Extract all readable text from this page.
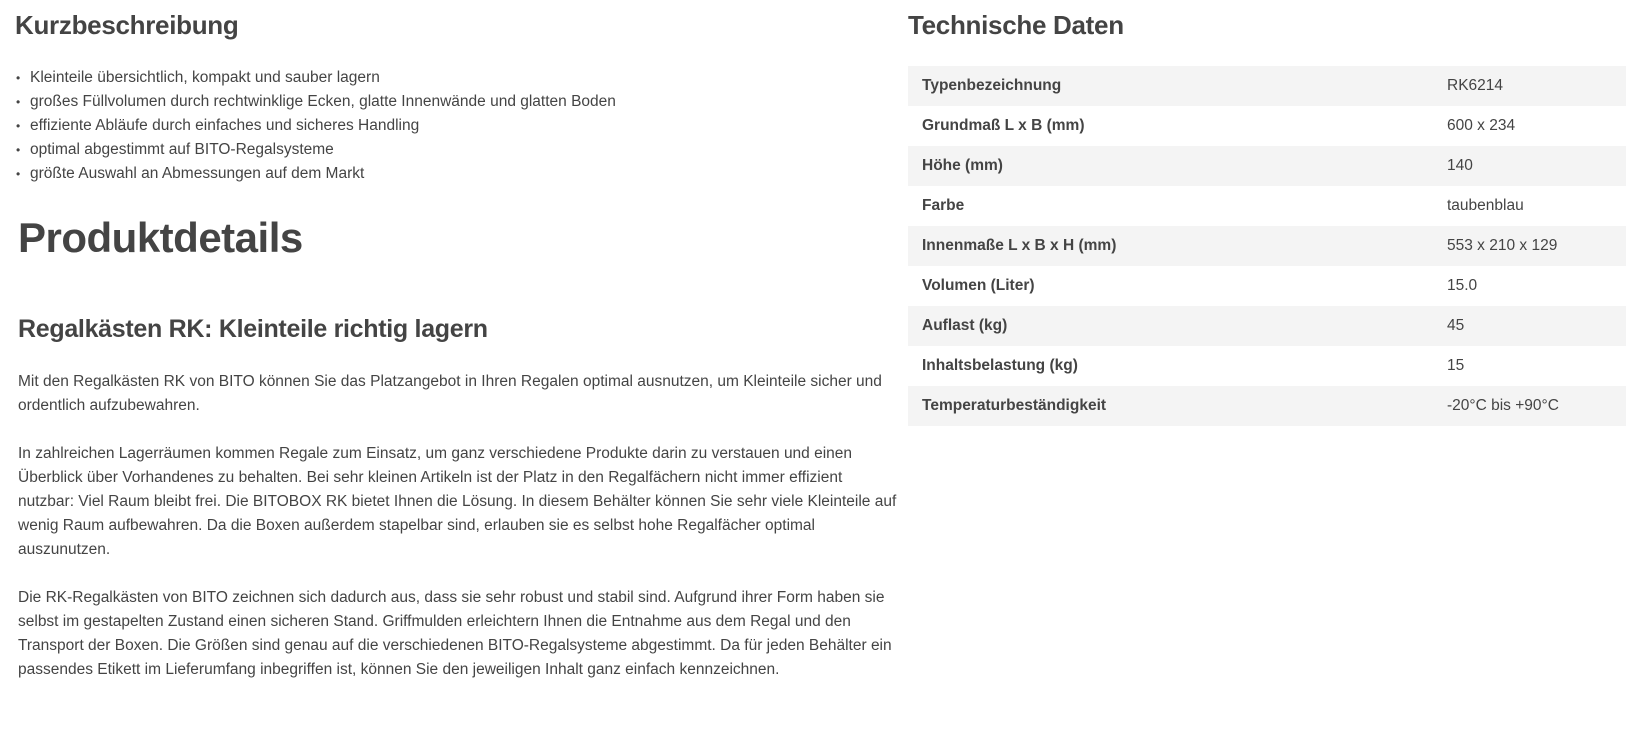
Kurzbeschreibung
• Kleinteile übersichtlich, kompakt und sauber lagern
• großes Füllvolumen durch rechtwinklige Ecken, glatte Innenwände und glatten Boden
• effiziente Abläufe durch einfaches und sicheres Handling
• optimal abgestimmt auf BITO-Regalsysteme
• größte Auswahl an Abmessungen auf dem Markt
Produktdetails
Regalkästen RK: Kleinteile richtig lagern

Mit den Regalkästen RK von BITO können Sie das Platzangebot in Ihren Regalen optimal ausnutzen, um Kleinteile sicher und ordentlich aufzubewahren.

In zahlreichen Lagerräumen kommen Regale zum Einsatz, um ganz verschiedene Produkte darin zu verstauen und einen Überblick über Vorhandenes zu behalten. Bei sehr kleinen Artikeln ist der Platz in den Regalfächern nicht immer effizient nutzbar: Viel Raum bleibt frei. Die BITOBOX RK bietet Ihnen die Lösung. In diesem Behälter können Sie sehr viele Kleinteile auf wenig Raum aufbewahren. Da die Boxen außerdem stapelbar sind, erlauben sie es selbst hohe Regalfächer optimal auszunutzen.

Die RK-Regalkästen von BITO zeichnen sich dadurch aus, dass sie sehr robust und stabil sind. Aufgrund ihrer Form haben sie selbst im gestapelten Zustand einen sicheren Stand. Griffmulden erleichtern Ihnen die Entnahme aus dem Regal und den Transport der Boxen. Die Größen sind genau auf die verschiedenen BITO-Regalsysteme abgestimmt. Da für jeden Behälter ein passendes Etikett im Lieferumfang inbegriffen ist, können Sie den jeweiligen Inhalt ganz einfach kennzeichnen.

Technische Daten
Typenbezeichnung	RK6214
Grundmaß L x B (mm)	600 x 234
Höhe (mm)	140
Farbe	taubenblau
Innenmaße L x B x H (mm)	553 x 210 x 129
Volumen (Liter)	15.0
Auflast (kg)	45
Inhaltsbelastung (kg)	15
Temperaturbeständigkeit	-20°C bis +90°C
